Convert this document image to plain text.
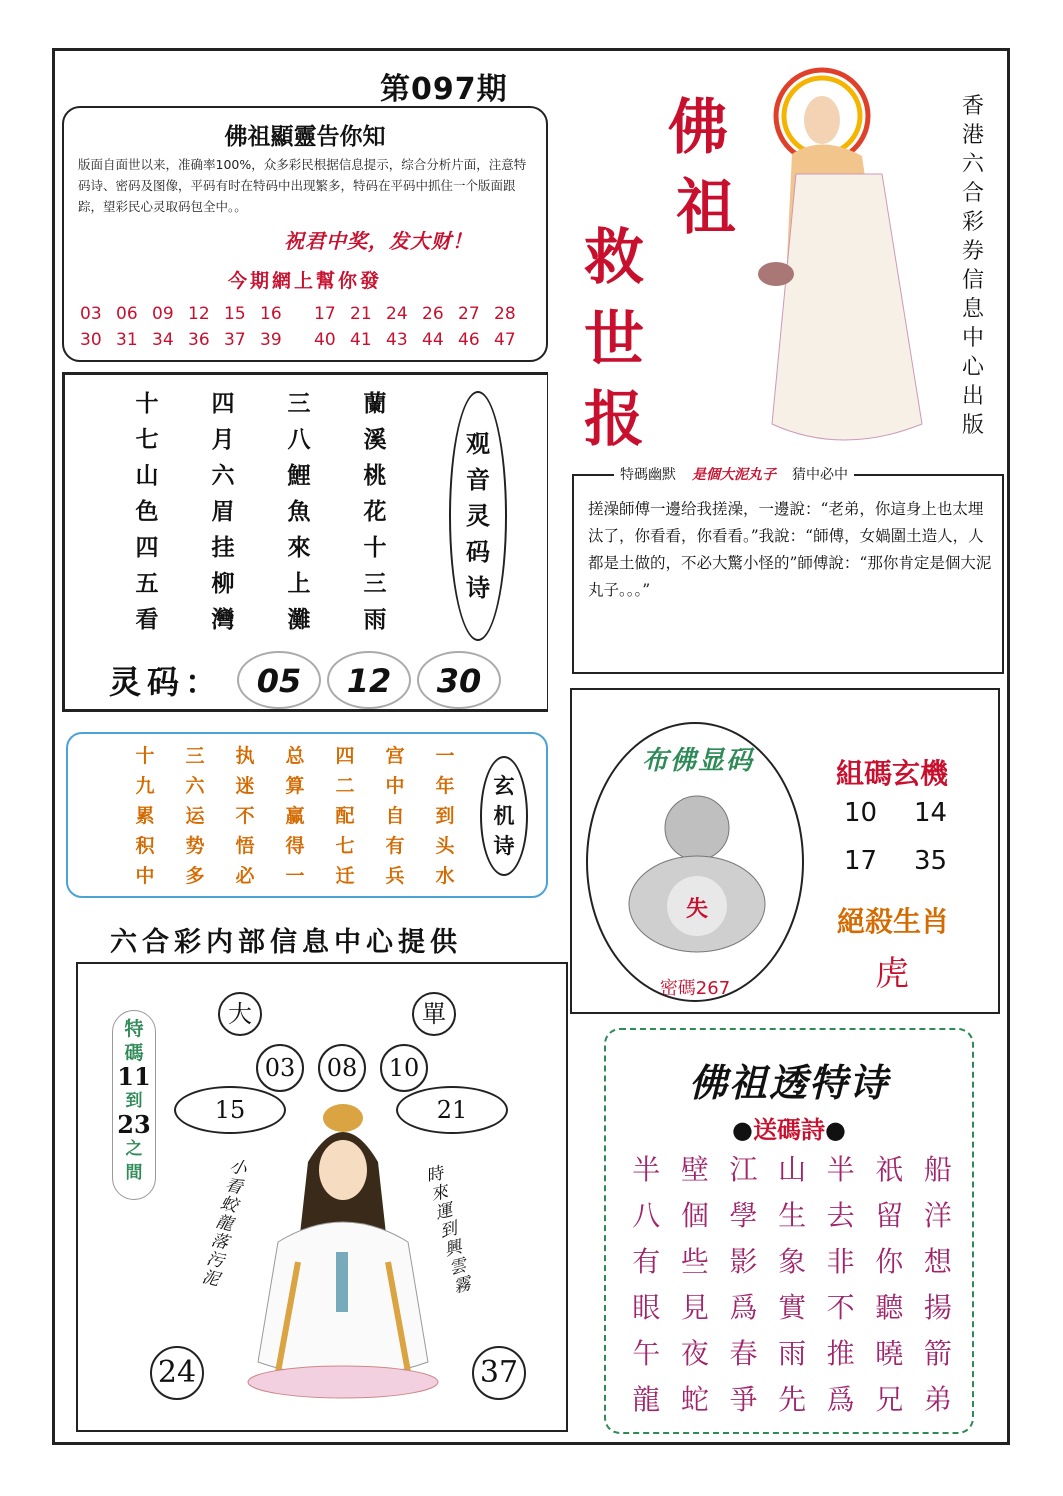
第097期
佛祖顯靈告你知
版面自面世以来，准确率100%，众多彩民根据信息提示，综合分析片面，注意特码诗、密码及图像，平码有时在特码中出现繁多，特码在平码中抓住一个版面跟踪，望彩民心灵取码包全中。。
祝君中奖，发大财！
今期網上幫你發
03 06 09 12 15 16	17 21 24 26 27 28
30 31 34 36 37 39	40 41 43 44 46 47
十	四	三	蘭
七	月	八	溪
山	六	鯉	桃
色	眉	魚	花
四	挂	來	十
五	柳	上	三
看	灣	灘	雨
观
音
灵
码
诗
灵码：	05	12	30
十	三	执	总	四	宫	一
九	六	迷	算	二	中	年
累	运	不	赢	配	自	到
积	势	悟	得	七	有	头
中	多	必	一	迁	兵	水
玄
机
诗
六合彩内部信息中心提供
大	單
03	08	10
15	21
特
碼
11
到
23
之
間	小看蛟龍落污泥	時來運到興雲霧
24	37
佛
祖
救
世
报
香港六合彩券信息中心出版
特碼幽默 是個大泥丸子 猜中必中
搓澡師傅一邊给我搓澡，一邊說：“老弟，你這身上也太埋汰了，你看看，你看看。”我說：“師傅，女媧圍土造人，人都是土做的，不必大驚小怪的”師傅說：“那你肯定是個大泥丸子。。。”
布佛显码
失
密碼267
組碼玄機
10 14
17 35
絕殺生肖
虎
佛祖透特诗
●送碼詩●
半 壁 江 山 半 祇 船
八 個 學 生 去 留 洋
有 些 影 象 非 你 想
眼 見 爲 實 不 聽 揚
午 夜 春 雨 推 曉 箭
龍 蛇 爭 先 爲 兄 弟
